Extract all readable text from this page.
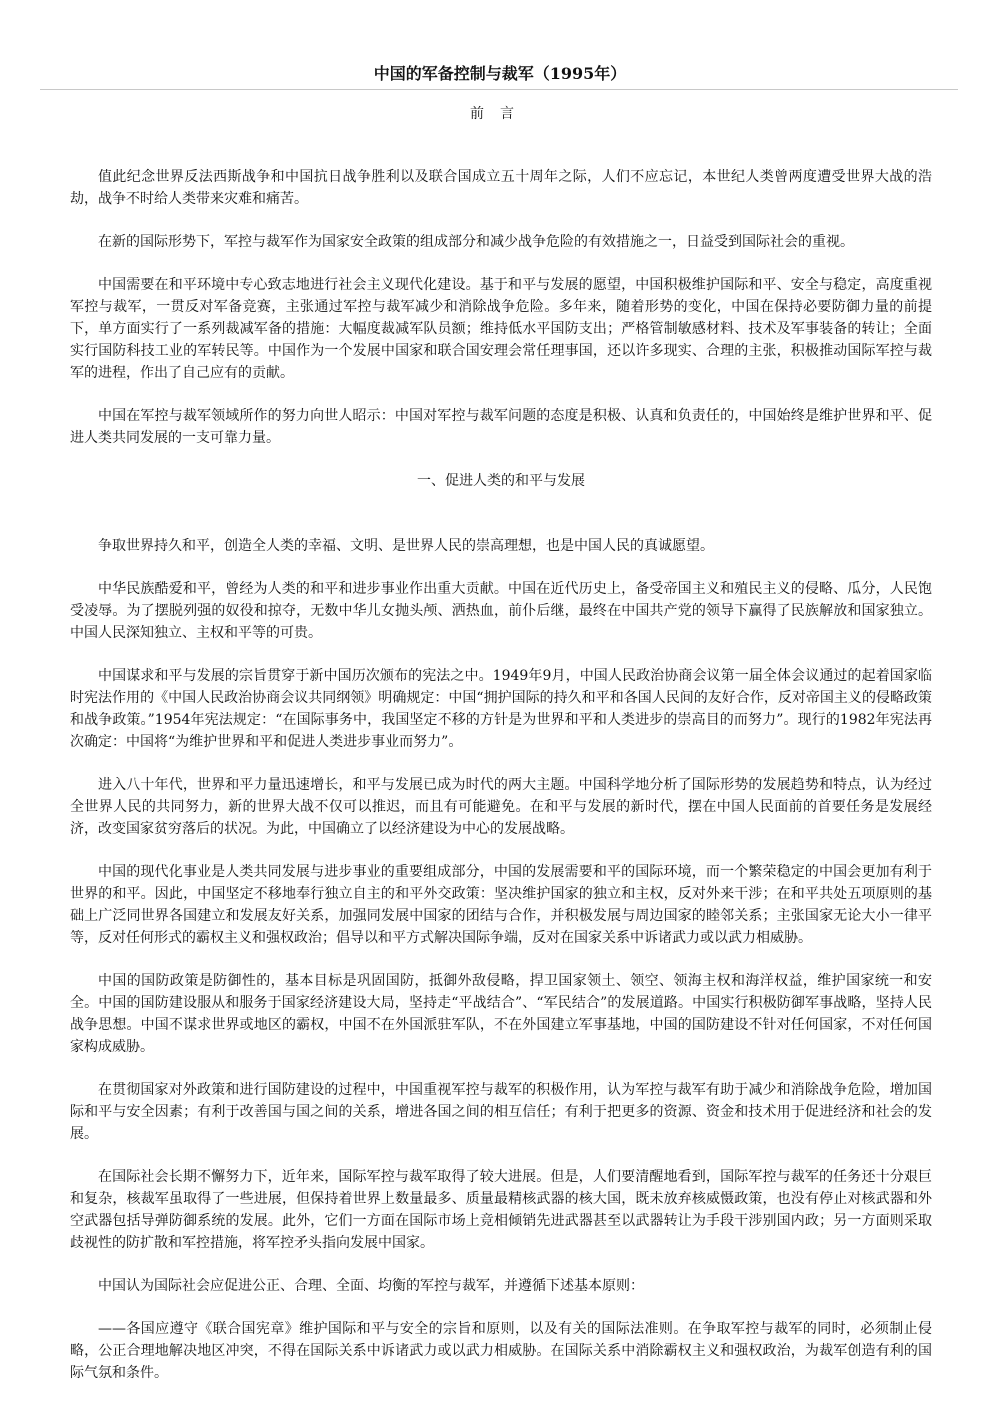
中国的军备控制与裁军（1995年）
前言

值此纪念世界反法西斯战争和中国抗日战争胜利以及联合国成立五十周年之际，人们不应忘记，本世纪人类曾两度遭受世界大战的浩劫，战争不时给人类带来灾难和痛苦。

在新的国际形势下，军控与裁军作为国家安全政策的组成部分和减少战争危险的有效措施之一，日益受到国际社会的重视。

中国需要在和平环境中专心致志地进行社会主义现代化建设。基于和平与发展的愿望，中国积极维护国际和平、安全与稳定，高度重视军控与裁军，一贯反对军备竞赛，主张通过军控与裁军减少和消除战争危险。多年来，随着形势的变化，中国在保持必要防御力量的前提下，单方面实行了一系列裁减军备的措施：大幅度裁减军队员额；维持低水平国防支出；严格管制敏感材料、技术及军事装备的转让；全面实行国防科技工业的军转民等。中国作为一个发展中国家和联合国安理会常任理事国，还以许多现实、合理的主张，积极推动国际军控与裁军的进程，作出了自己应有的贡献。

中国在军控与裁军领域所作的努力向世人昭示：中国对军控与裁军问题的态度是积极、认真和负责任的，中国始终是维护世界和平、促进人类共同发展的一支可靠力量。

一、促进人类的和平与发展

争取世界持久和平，创造全人类的幸福、文明、是世界人民的崇高理想，也是中国人民的真诚愿望。

中华民族酷爱和平，曾经为人类的和平和进步事业作出重大贡献。中国在近代历史上，备受帝国主义和殖民主义的侵略、瓜分，人民饱受凌辱。为了摆脱列强的奴役和掠夺，无数中华儿女抛头颅、洒热血，前仆后继，最终在中国共产党的领导下赢得了民族解放和国家独立。中国人民深知独立、主权和平等的可贵。

中国谋求和平与发展的宗旨贯穿于新中国历次颁布的宪法之中。1949年9月，中国人民政治协商会议第一届全体会议通过的起着国家临时宪法作用的《中国人民政治协商会议共同纲领》明确规定：中国“拥护国际的持久和平和各国人民间的友好合作，反对帝国主义的侵略政策和战争政策。”1954年宪法规定：“在国际事务中，我国坚定不移的方针是为世界和平和人类进步的崇高目的而努力”。现行的1982年宪法再次确定：中国将“为维护世界和平和促进人类进步事业而努力”。

进入八十年代，世界和平力量迅速增长，和平与发展已成为时代的两大主题。中国科学地分析了国际形势的发展趋势和特点，认为经过全世界人民的共同努力，新的世界大战不仅可以推迟，而且有可能避免。在和平与发展的新时代，摆在中国人民面前的首要任务是发展经济，改变国家贫穷落后的状况。为此，中国确立了以经济建设为中心的发展战略。

中国的现代化事业是人类共同发展与进步事业的重要组成部分，中国的发展需要和平的国际环境，而一个繁荣稳定的中国会更加有利于世界的和平。因此，中国坚定不移地奉行独立自主的和平外交政策：坚决维护国家的独立和主权，反对外来干涉；在和平共处五项原则的基础上广泛同世界各国建立和发展友好关系，加强同发展中国家的团结与合作，并积极发展与周边国家的睦邻关系；主张国家无论大小一律平等，反对任何形式的霸权主义和强权政治；倡导以和平方式解决国际争端，反对在国家关系中诉诸武力或以武力相威胁。

中国的国防政策是防御性的，基本目标是巩固国防，抵御外敌侵略，捍卫国家领土、领空、领海主权和海洋权益，维护国家统一和安全。中国的国防建设服从和服务于国家经济建设大局，坚持走“平战结合”、“军民结合”的发展道路。中国实行积极防御军事战略，坚持人民战争思想。中国不谋求世界或地区的霸权，中国不在外国派驻军队，不在外国建立军事基地，中国的国防建设不针对任何国家，不对任何国家构成威胁。

在贯彻国家对外政策和进行国防建设的过程中，中国重视军控与裁军的积极作用，认为军控与裁军有助于减少和消除战争危险，增加国际和平与安全因素；有利于改善国与国之间的关系，增进各国之间的相互信任；有利于把更多的资源、资金和技术用于促进经济和社会的发展。

在国际社会长期不懈努力下，近年来，国际军控与裁军取得了较大进展。但是，人们要清醒地看到，国际军控与裁军的任务还十分艰巨和复杂，核裁军虽取得了一些进展，但保持着世界上数量最多、质量最精核武器的核大国，既未放弃核威慑政策，也没有停止对核武器和外空武器包括导弹防御系统的发展。此外，它们一方面在国际市场上竞相倾销先进武器甚至以武器转让为手段干涉别国内政；另一方面则采取歧视性的防扩散和军控措施，将军控矛头指向发展中国家。

中国认为国际社会应促进公正、合理、全面、均衡的军控与裁军，并遵循下述基本原则：

——各国应遵守《联合国宪章》维护国际和平与安全的宗旨和原则，以及有关的国际法准则。在争取军控与裁军的同时，必须制止侵略，公正合理地解决地区冲突，不得在国际关系中诉诸武力或以武力相威胁。在国际关系中消除霸权主义和强权政治，为裁军创造有利的国际气氛和条件。
